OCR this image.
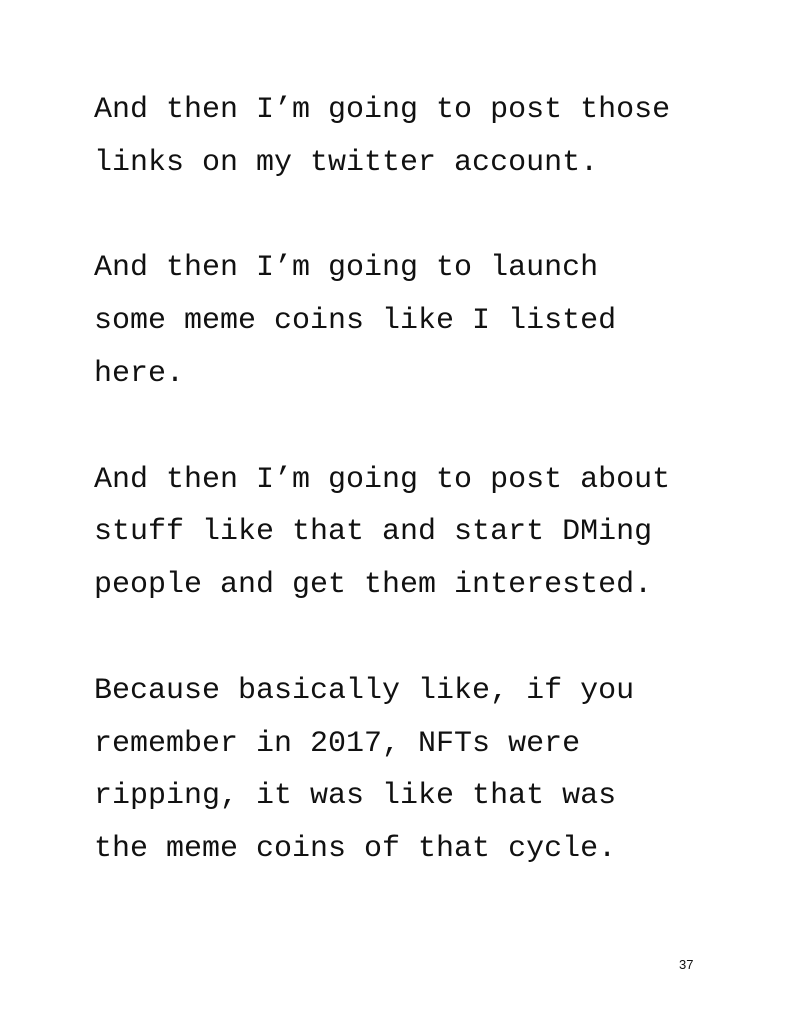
And then I’m going to post those
links on my twitter account.
And then I’m going to launch
some meme coins like I listed
here.
And then I’m going to post about
stuff like that and start DMing
people and get them interested.
Because basically like, if you
remember in 2017, NFTs were
ripping, it was like that was
the meme coins of that cycle.
37
